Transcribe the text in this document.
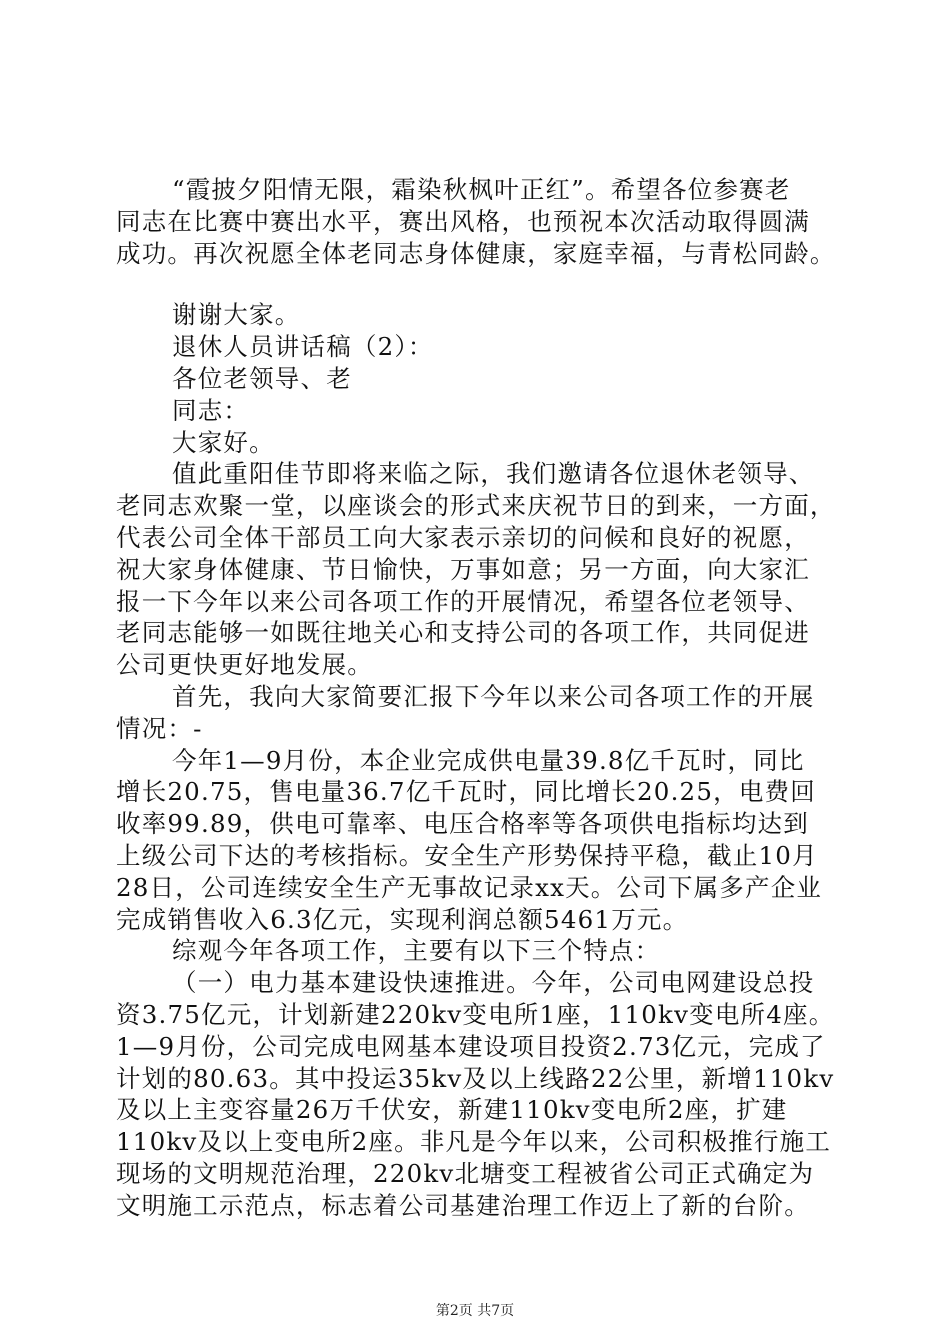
“霞披夕阳情无限，霜染秋枫叶正红”。希望各位参赛老
同志在比赛中赛出水平，赛出风格，也预祝本次活动取得圆满
成功。再次祝愿全体老同志身体健康，家庭幸福，与青松同龄。
谢谢大家。
退休人员讲话稿（2）：
各位老领导、老
同志：
大家好。
值此重阳佳节即将来临之际，我们邀请各位退休老领导、
老同志欢聚一堂，以座谈会的形式来庆祝节日的到来，一方面，
代表公司全体干部员工向大家表示亲切的问候和良好的祝愿，
祝大家身体健康、节日愉快，万事如意；另一方面，向大家汇
报一下今年以来公司各项工作的开展情况，希望各位老领导、
老同志能够一如既往地关心和支持公司的各项工作，共同促进
公司更快更好地发展。
首先，我向大家简要汇报下今年以来公司各项工作的开展
情况：-
今年1—9月份，本企业完成供电量39.8亿千瓦时，同比
增长20.75，售电量36.7亿千瓦时，同比增长20.25，电费回
收率99.89，供电可靠率、电压合格率等各项供电指标均达到
上级公司下达的考核指标。安全生产形势保持平稳，截止10月
28日，公司连续安全生产无事故记录xx天。公司下属多产企业
完成销售收入6.3亿元，实现利润总额5461万元。
综观今年各项工作，主要有以下三个特点：
（一）电力基本建设快速推进。今年，公司电网建设总投
资3.75亿元，计划新建220kv变电所1座，110kv变电所4座。
1—9月份，公司完成电网基本建设项目投资2.73亿元，完成了
计划的80.63。其中投运35kv及以上线路22公里，新增110kv
及以上主变容量26万千伏安，新建110kv变电所2座，扩建
110kv及以上变电所2座。非凡是今年以来，公司积极推行施工
现场的文明规范治理，220kv北塘变工程被省公司正式确定为
文明施工示范点，标志着公司基建治理工作迈上了新的台阶。
第2页 共7页
